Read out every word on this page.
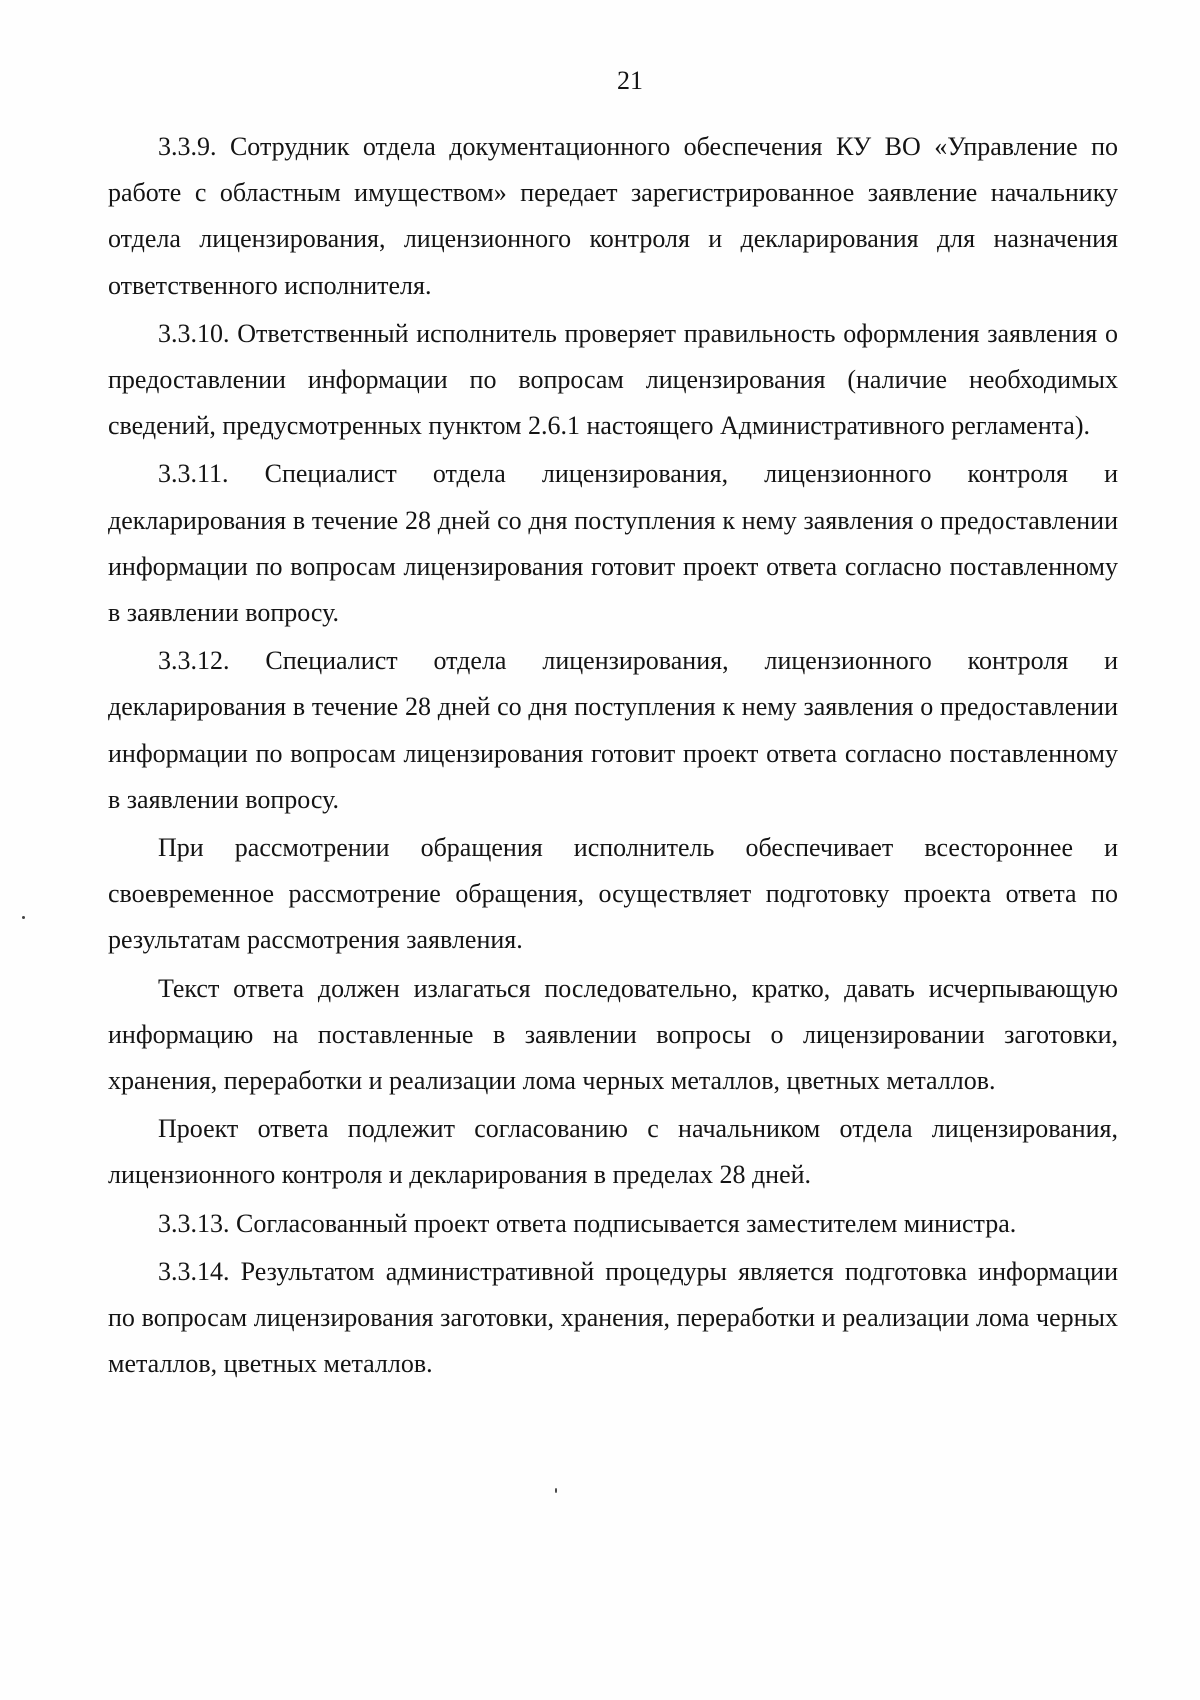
21

3.3.9. Сотрудник отдела документационного обеспечения КУ ВО «Управление по работе с областным имуществом» передает зарегистрированное заявление начальнику отдела лицензирования, лицензионного контроля и декларирования для назначения ответственного исполнителя.

3.3.10. Ответственный исполнитель проверяет правильность оформления заявления о предоставлении информации по вопросам лицензирования (наличие необходимых сведений, предусмотренных пунктом 2.6.1 настоящего Административного регламента).

3.3.11. Специалист отдела лицензирования, лицензионного контроля и декларирования в течение 28 дней со дня поступления к нему заявления о предоставлении информации по вопросам лицензирования готовит проект ответа согласно поставленному в заявлении вопросу.

3.3.12. Специалист отдела лицензирования, лицензионного контроля и декларирования в течение 28 дней со дня поступления к нему заявления о предоставлении информации по вопросам лицензирования готовит проект ответа согласно поставленному в заявлении вопросу.

При рассмотрении обращения исполнитель обеспечивает всестороннее и своевременное рассмотрение обращения, осуществляет подготовку проекта ответа по результатам рассмотрения заявления.

Текст ответа должен излагаться последовательно, кратко, давать исчерпывающую информацию на поставленные в заявлении вопросы о лицензировании заготовки, хранения, переработки и реализации лома черных металлов, цветных металлов.

Проект ответа подлежит согласованию с начальником отдела лицензирования, лицензионного контроля и декларирования в пределах 28 дней.

3.3.13. Согласованный проект ответа подписывается заместителем министра.

3.3.14. Результатом административной процедуры является подготовка информации по вопросам лицензирования заготовки, хранения, переработки и реализации лома черных металлов, цветных металлов.
